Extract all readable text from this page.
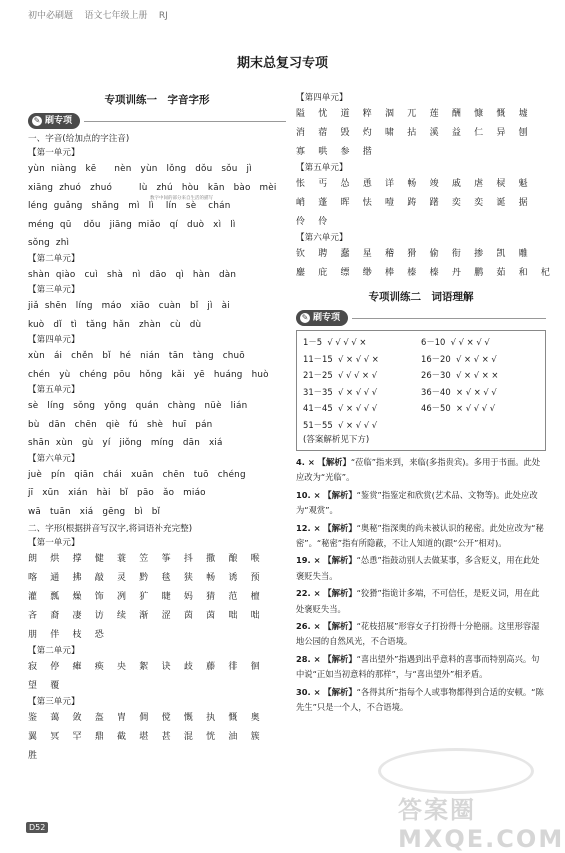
初中必刷题    语文七年级上册    RJ
期末总复习专项
专项训练一　字音字形
✎ 刷专项
一、字音(给加点的字注音)
【第一单元】
yùn  niàng   kē      nèn   yùn   lǒng   dǒu   sǒu   jì
xiāng  zhuó   zhuó         lù   zhú   hòu   kān   bào   mèi
léng  guǎng   shǎng   mì   lì    lín   sè    chán
méng  qū    dǒu   jiāng  miǎo   qí   duò   xì   lì
sǒng  zhì
【第二单元】
shàn  qiào   cuì   shà   nì   dāo   qì   hàn   dàn
【第三单元】
jiǎ  shēn   líng   máo   xiāo   cuàn   bǐ   jì   ài
kuò   dǐ   tì   tǎng  hǎn   zhàn   cù   dù
【第四单元】
xùn   ái   chěn   bǐ   hé   nián   tān   tàng   chuō
chén   yù   chéng  pōu   hǒng   kǎi   yē   huáng   huò
【第五单元】
sè   líng   sǒng   yǒng   quán   chàng   nüè   lián
bù   dān   chēn   qiè   fú   shè   huī   pán
shān  xùn   gù   yí   jiǒng   míng   dān   xiá
【第六单元】
juè   pín   qiān   chái   xuān   chēn   tuō   chéng
jī   xūn   xián   hài   bǐ   pāo   ǎo   miáo
wā   tuān   xiá   gēng   bì   bǐ
二、字形(根据拼音写汉字,将词语补充完整)
【第一单元】
朗 烘 撑 健 蓑 笠 筝 抖 撒 酿 喉
喀 通 拂 敲 灵 黔 毯 狭 畅 诱 预
灌 瓢 燥 饰 冽 犷 睫 妈 猜 范 檀
吝 裔 凄 访 续 渐 涩 茵 茵 咄 咄
朋 伴 枝 恐
【第二单元】
寂 停 瘫 痪 央 絮 诀 歧 藤 徘 徊
望 覆
【第三单元】
鉴 蔼 敛 盔 胄 倜 傥 慨 执 慨 奥
翼 冥 罕 鼎 截 堪 甚 混 恍 油 簇
胜
数字中间的部分来自生活的描写
【第四单元】
隘 忧 道 粹 涸 兀 莲 酬 慷 慨 墟
消 蓿 毁 灼 啸 拈 溪 益 仁 异 刨
寡 哄 参 揩
【第五单元】
怅 丐 怂 恿 详 畅 竣 戚 虐 棂 魁
峭 蓬 晖 怯 噎 踌 躇 奕 奕 诞 据
伶 伶
【第六单元】
钦 聘 蠢 星 稽 猾 偷 衔 掺 凯 雕
鏖 庇 缥 缈 棒 榛 榛 丹 鹏 茹 和 杞
专项训练二　词语理解
✎ 刷专项
1－5  √ √ √ √ ×	6－10  √ √ × √ √
11－15  √ × √ √ ×	16－20  √ × √ × √
21－25  √ √ √ × √	26－30  √ × √ × ×
31－35  √ × √ √ √	36－40  × √ × √ √
41－45  √ × √ √ √	46－50  × √ √ √ √
51－55  √ × √ √ √
(答案解析见下方)
4. × 【解析】“莅临”指来到，来临(多指贵宾)。多用于书面。此处应改为“光临”。
10. × 【解析】“鉴赏”指鉴定和欣赏(艺术品、文物等)。此处应改为“观赏”。
12. × 【解析】“奥秘”指深奥的尚未被认识的秘密。此处应改为“秘密”。“秘密”指有所隐蔽，不让人知道的(跟“公开”相对)。
19. × 【解析】“怂恿”指鼓动别人去做某事，多含贬义，用在此处褒贬失当。
22. × 【解析】“狡猾”指诡计多端，不可信任，是贬义词，用在此处褒贬失当。
26. × 【解析】“花枝招展”形容女子打扮得十分艳丽。这里形容湿地公园的自然风光，不合语境。
28. × 【解析】“喜出望外”指遇到出乎意料的喜事而特别高兴。句中说“正如当初意料的那样”，与“喜出望外”相矛盾。
30. × 【解析】“各得其所”指每个人或事物都得到合适的安顿。“陈先生”只是一个人，不合语境。
答案圈 MXQE.COM
D52
